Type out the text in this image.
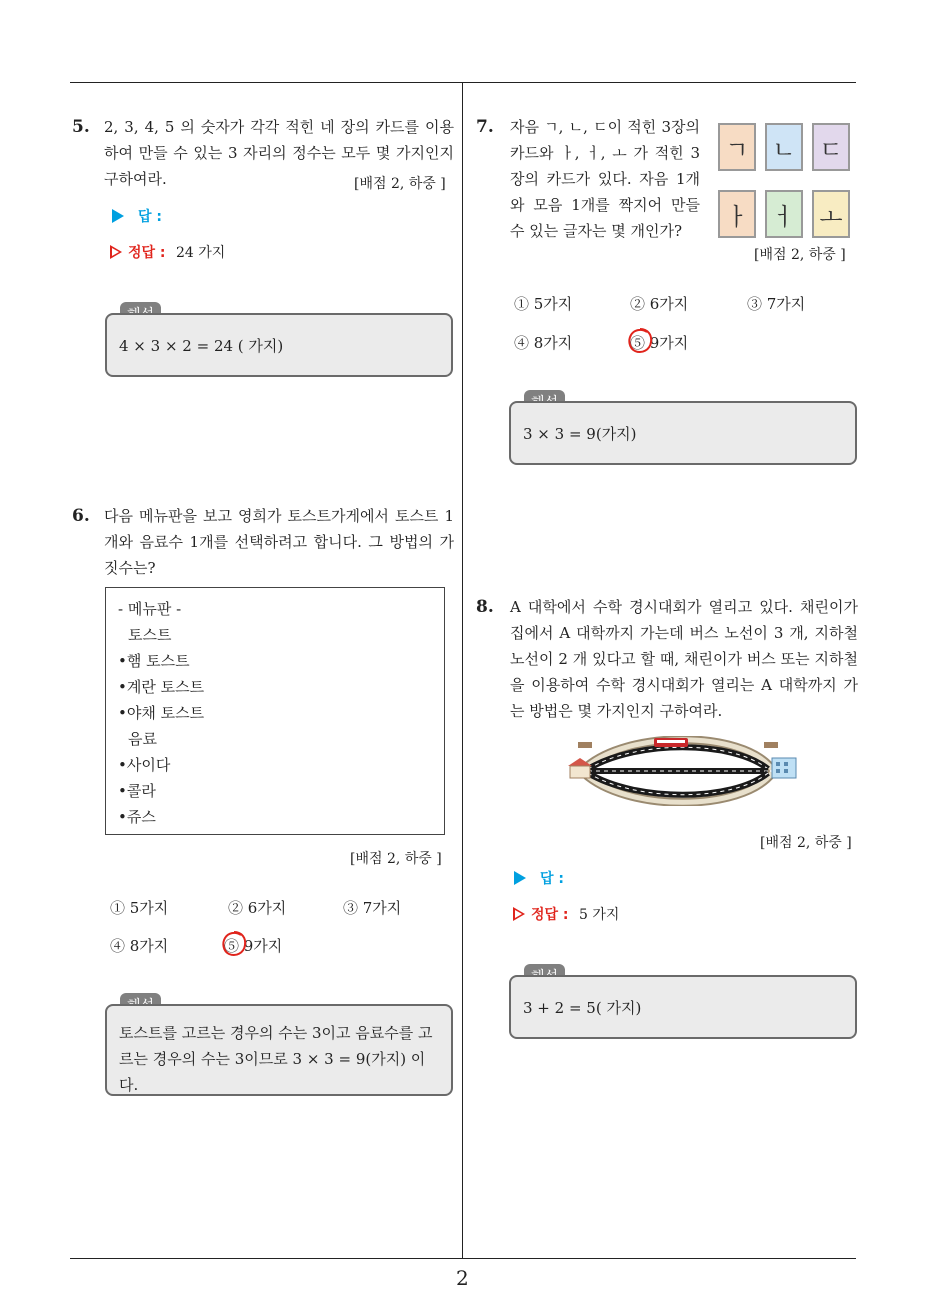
5. 2, 3, 4, 5 의 숫자가 각각 적힌 네 장의 카드를 이용하여 만들 수 있는 3 자리의 정수는 모두 몇 가지인지 구하여라.	[배점 2, 하중 ]
답 :
정답 : 24 가지
4 × 3 × 2 = 24 ( 가지)
6. 다음 메뉴판을 보고 영희가 토스트가게에서 토스트 1개와 음료수 1개를 선택하려고 합니다. 그 방법의 가짓수는?
- 메뉴판 -
토스트
•햄 토스트
•계란 토스트
•야채 토스트
음료
•사이다
•콜라
•쥬스
[배점 2, 하중 ]
① 5가지	② 6가지	③ 7가지
④ 8가지	⑤ 9가지
토스트를 고르는 경우의 수는 3이고 음료수를 고르는 경우의 수는 3이므로 3 × 3 = 9(가지) 이다.
7. 자음 ㄱ, ㄴ, ㄷ이 적힌 3장의 카드와 ㅏ, ㅓ, ㅗ 가 적힌 3장의 카드가 있다. 자음 1개와 모음 1개를 짝지어 만들 수 있는 글자는 몇 개인가?
ㄱ ㄴ ㄷ
ㅏ ㅓ ㅗ
[배점 2, 하중 ]
① 5가지	② 6가지	③ 7가지
④ 8가지	⑤ 9가지
3 × 3 = 9(가지)
8. A 대학에서 수학 경시대회가 열리고 있다. 채린이가 집에서 A 대학까지 가는데 버스 노선이 3 개, 지하철 노선이 2 개 있다고 할 때, 채린이가 버스 또는 지하철을 이용하여 수학 경시대회가 열리는 A 대학까지 가는 방법은 몇 가지인지 구하여라.
[배점 2, 하중 ]
답 :
정답 : 5 가지
3 + 2 = 5( 가지)
2
